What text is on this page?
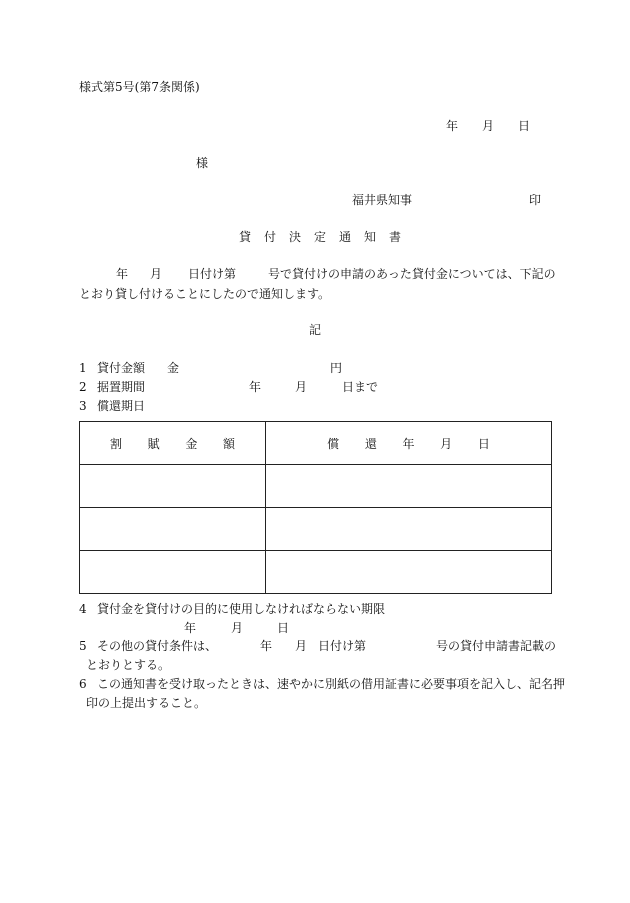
様式第5号(第7条関係)
年 月 日
様
福井県知事	印
貸 付 決 定 通 知 書
年 月 日付け第	号で貸付けの申請のあった貸付金については、下記の
とおり貸し付けることにしたので通知します。
記
1 貸付金額 金	円
2 据置期間	年	月	日まで
3 償還期日
割 賦 金 額	償 還 年 月 日

4 貸付金を貸付けの目的に使用しなければならない期限
年	月	日
5 その他の貸付条件は、	年 月 日付け第	号の貸付申請書記載の
とおりとする。
6 この通知書を受け取ったときは、速やかに別紙の借用証書に必要事項を記入し、記名押
印の上提出すること。
